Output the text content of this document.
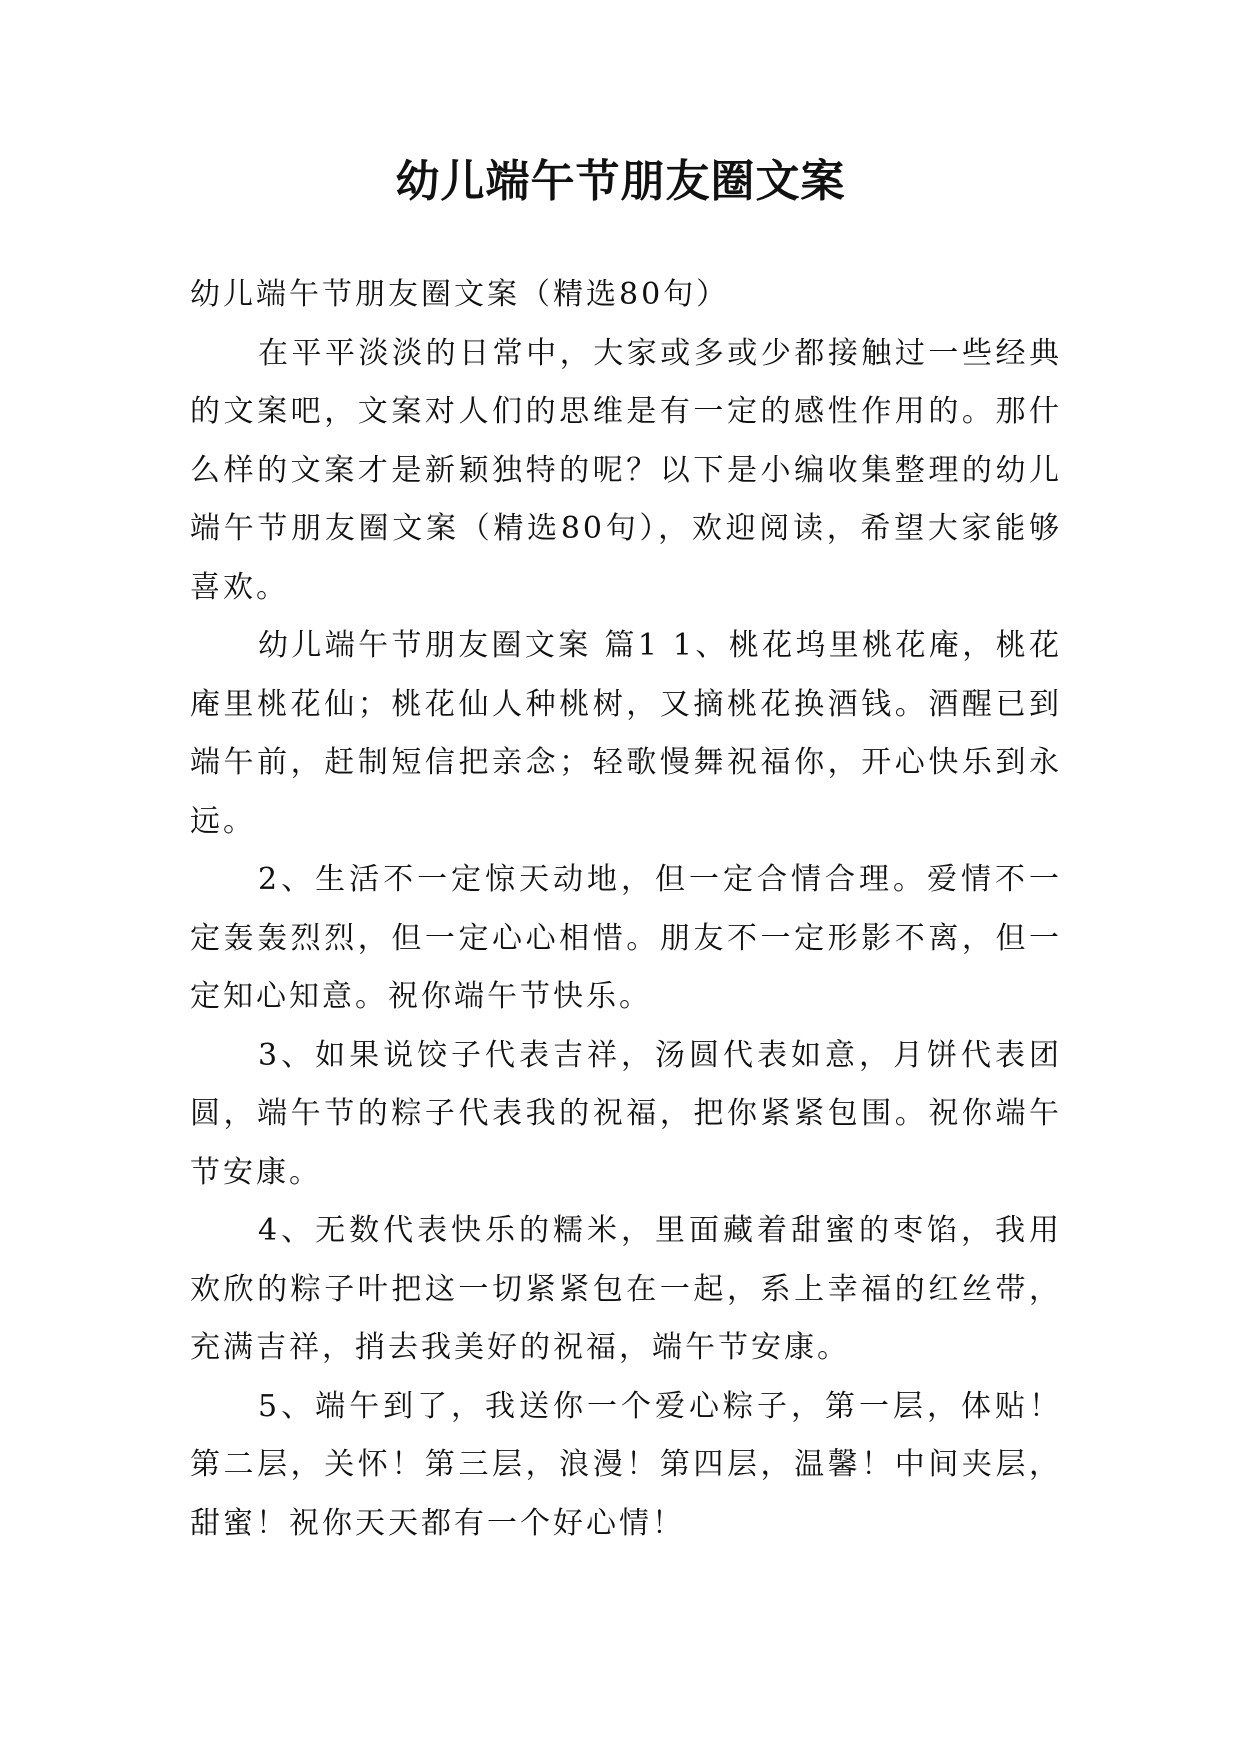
幼儿端午节朋友圈文案

幼儿端午节朋友圈文案（精选80句）

在平平淡淡的日常中，大家或多或少都接触过一些经典的文案吧，文案对人们的思维是有一定的感性作用的。那什么样的文案才是新颖独特的呢？以下是小编收集整理的幼儿端午节朋友圈文案（精选80句），欢迎阅读，希望大家能够喜欢。

幼儿端午节朋友圈文案 篇1 1、桃花坞里桃花庵，桃花庵里桃花仙；桃花仙人种桃树，又摘桃花换酒钱。酒醒已到端午前，赶制短信把亲念；轻歌慢舞祝福你，开心快乐到永远。

2、生活不一定惊天动地，但一定合情合理。爱情不一定轰轰烈烈，但一定心心相惜。朋友不一定形影不离，但一定知心知意。祝你端午节快乐。

3、如果说饺子代表吉祥，汤圆代表如意，月饼代表团圆，端午节的粽子代表我的祝福，把你紧紧包围。祝你端午节安康。

4、无数代表快乐的糯米，里面藏着甜蜜的枣馅，我用欢欣的粽子叶把这一切紧紧包在一起，系上幸福的红丝带，充满吉祥，捎去我美好的祝福，端午节安康。

5、端午到了，我送你一个爱心粽子，第一层，体贴！第二层，关怀！第三层，浪漫！第四层，温馨！中间夹层，甜蜜！祝你天天都有一个好心情！
